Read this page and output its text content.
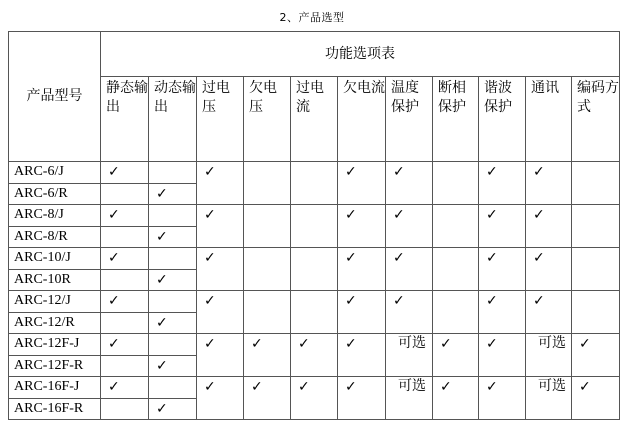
2、产品选型
产品型号	功能选项表										
	静态输出	动态输出	过电压	欠电压	过电流	欠电流	温度保护	断相保护	谐波保护	通讯	编码方式
ARC-6/J	✓		✓			✓	✓		✓	✓	
ARC-6/R		✓									
ARC-8/J	✓		✓			✓	✓		✓	✓	
ARC-8/R		✓									
ARC-10/J	✓		✓			✓	✓		✓	✓	
ARC-10R		✓									
ARC-12/J	✓		✓			✓	✓		✓	✓	
ARC-12/R		✓									
ARC-12F-J	✓		✓	✓	✓	✓	可选	✓	✓	可选	✓
ARC-12F-R		✓									
ARC-16F-J	✓		✓	✓	✓	✓	可选	✓	✓	可选	✓
ARC-16F-R		✓									
